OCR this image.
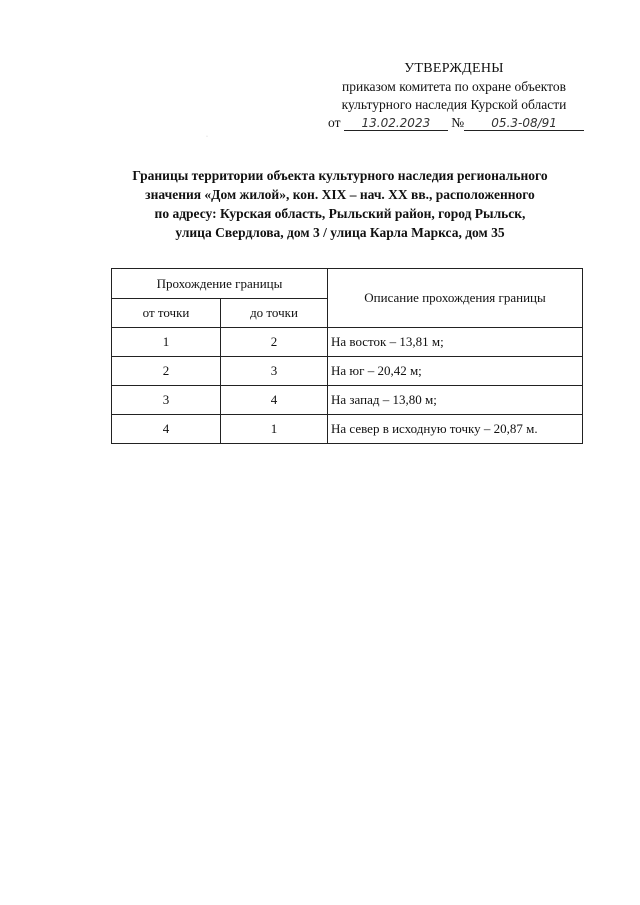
УТВЕРЖДЕНЫ
приказом комитета по охране объектов
культурного наследия Курской области
от 13.02.2023 № 05.3-08/91
·
Границы территории объекта культурного наследия регионального
значения «Дом жилой», кон. XIX – нач. XX вв., расположенного
по адресу: Курская область, Рыльский район, город Рыльск,
улица Свердлова, дом 3 / улица Карла Маркса, дом 35
Прохождение границы		Описание прохождения границы
от точки	до точки	
1	2	На восток – 13,81 м;
2	3	На юг – 20,42 м;
3	4	На запад – 13,80 м;
4	1	На север в исходную точку – 20,87 м.
